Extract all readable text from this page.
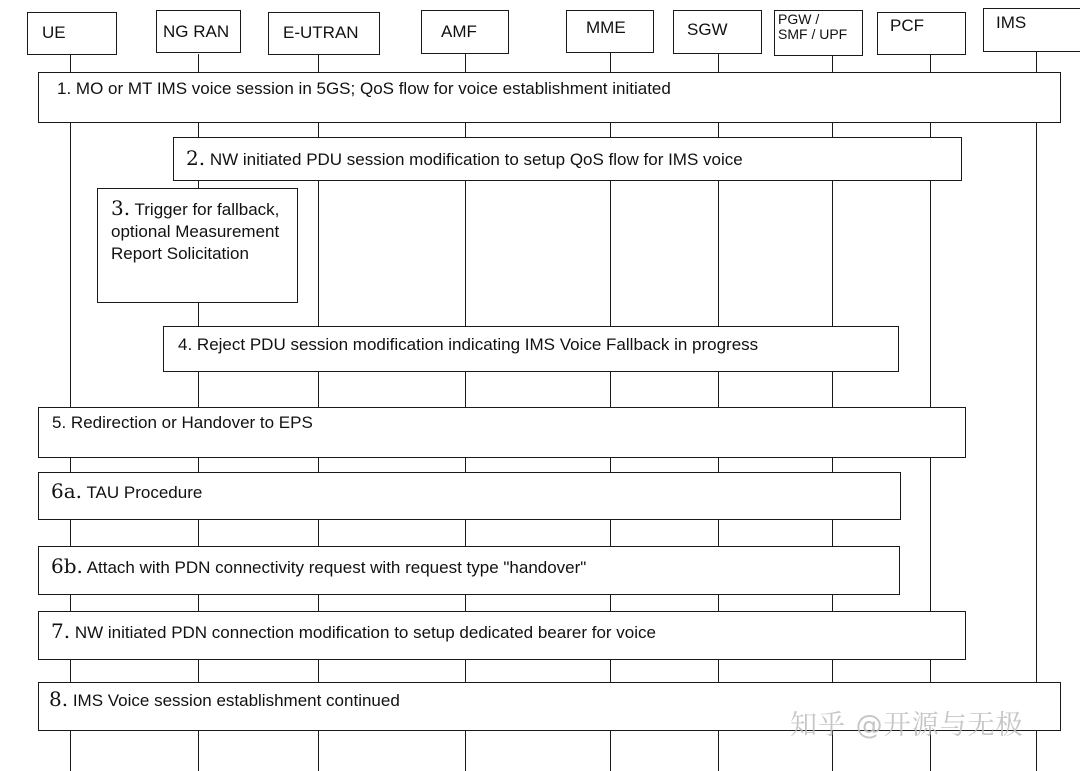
UE	NG RAN	E-UTRAN	AMF	MME	SGW
PGW /
SMF / UPF	PCF	IMS
1. MO or MT IMS voice session in 5GS; QoS flow for voice establishment initiated
2. NW initiated PDU session modification to setup QoS flow for IMS voice
3. Trigger for fallback, optional Measurement Report Solicitation
4. Reject PDU session modification indicating IMS Voice Fallback in progress
5. Redirection or Handover to EPS
6a. TAU Procedure
6b. Attach with PDN connectivity request with request type "handover"
7. NW initiated PDN connection modification to setup dedicated bearer for voice
8. IMS Voice session establishment continued
知乎 @开源与无极
